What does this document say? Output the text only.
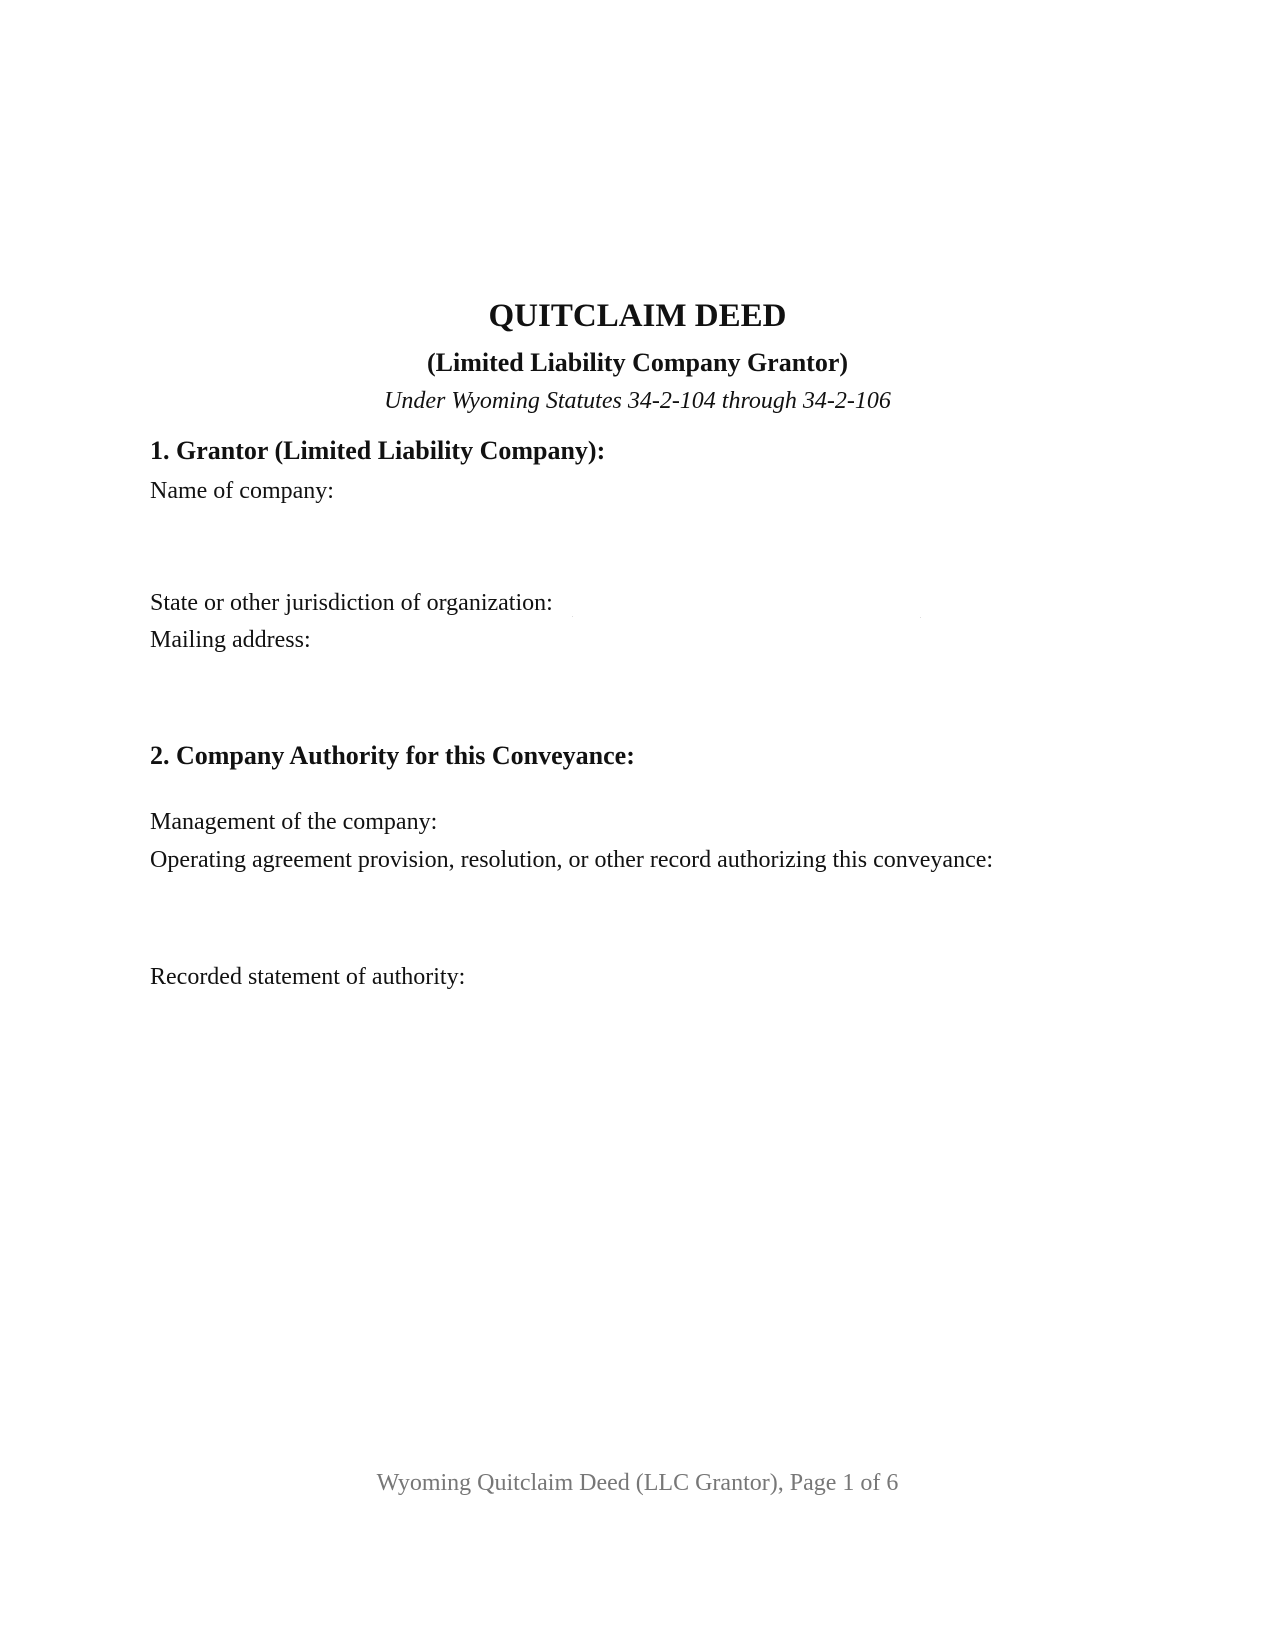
QUITCLAIM DEED
(Limited Liability Company Grantor)
Under Wyoming Statutes 34-2-104 through 34-2-106
1. Grantor (Limited Liability Company):
Name of company:
State or other jurisdiction of organization:
Mailing address:
2. Company Authority for this Conveyance:
Management of the company:
Operating agreement provision, resolution, or other record authorizing this conveyance:
Recorded statement of authority:
Wyoming Quitclaim Deed (LLC Grantor), Page 1 of 6
